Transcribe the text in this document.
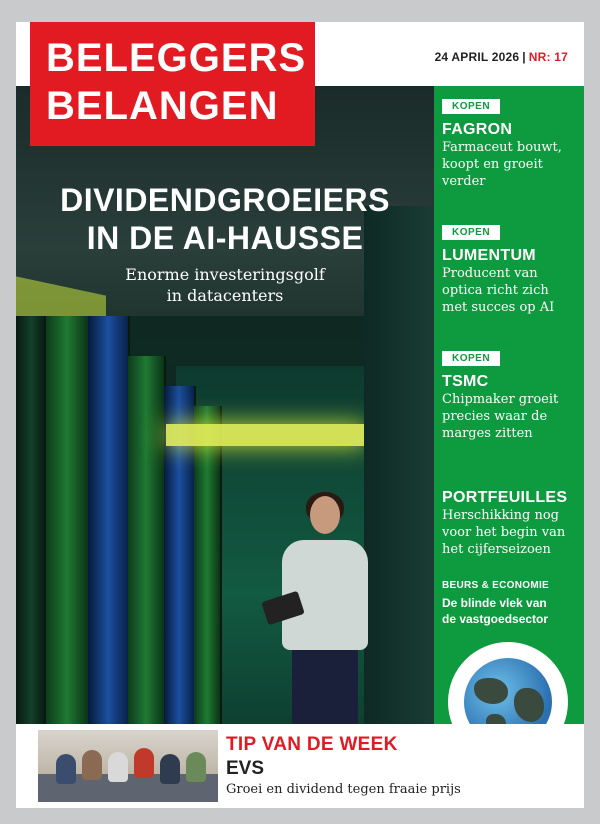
BELEGGERS
BELANGEN
24 APRIL 2026 | NR: 17
DIVIDENDGROEIERS
IN DE AI-HAUSSE
Enorme investeringsgolf
in datacenters
KOPEN
FAGRON
Farmaceut bouwt,
koopt en groeit
verder
KOPEN
LUMENTUM
Producent van
optica richt zich
met succes op AI
KOPEN
TSMC
Chipmaker groeit
precies waar de
marges zitten
PORTFEUILLES
Herschikking nog
voor het begin van
het cijferseizoen
BEURS & ECONOMIE
De blinde vlek van
de vastgoedsector
TIP VAN DE WEEK
EVS
Groei en dividend tegen fraaie prijs
